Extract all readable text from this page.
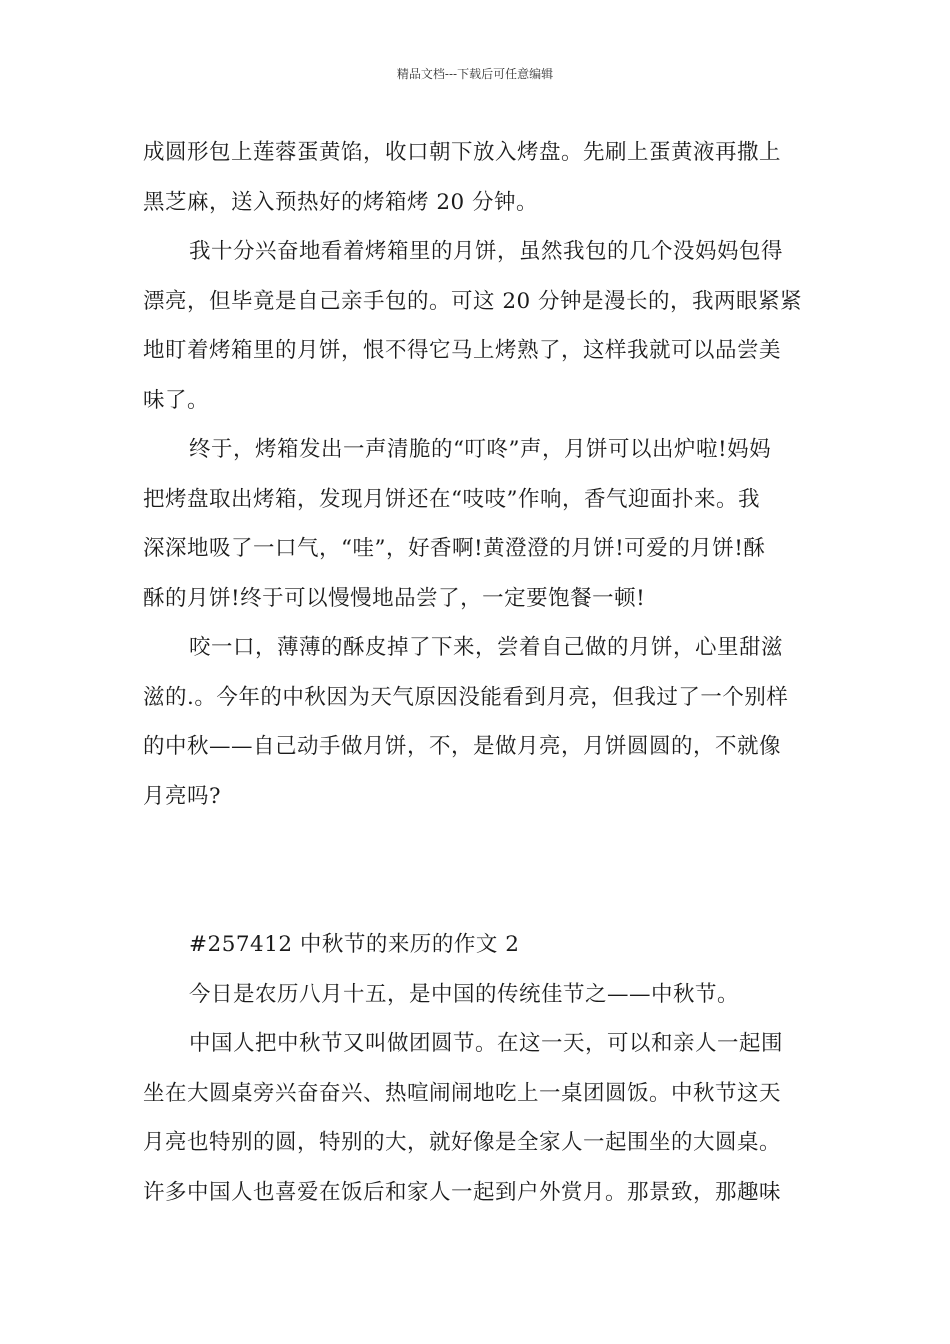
精品文档---下载后可任意编辑

成圆形包上莲蓉蛋黄馅，收口朝下放入烤盘。先刷上蛋黄液再撒上

黑芝麻，送入预热好的烤箱烤 20 分钟。

我十分兴奋地看着烤箱里的月饼，虽然我包的几个没妈妈包得

漂亮，但毕竟是自己亲手包的。可这 20 分钟是漫长的，我两眼紧紧

地盯着烤箱里的月饼，恨不得它马上烤熟了，这样我就可以品尝美

味了。

终于，烤箱发出一声清脆的“叮咚”声，月饼可以出炉啦!妈妈

把烤盘取出烤箱，发现月饼还在“吱吱”作响，香气迎面扑来。我

深深地吸了一口气，“哇”，好香啊!黄澄澄的月饼!可爱的月饼!酥

酥的月饼!终于可以慢慢地品尝了，一定要饱餐一顿!

咬一口，薄薄的酥皮掉了下来，尝着自己做的月饼，心里甜滋

滋的.。今年的中秋因为天气原因没能看到月亮，但我过了一个别样

的中秋——自己动手做月饼，不，是做月亮，月饼圆圆的，不就像

月亮吗?

#257412 中秋节的来历的作文 2

今日是农历八月十五，是中国的传统佳节之——中秋节。

中国人把中秋节又叫做团圆节。在这一天，可以和亲人一起围

坐在大圆桌旁兴奋奋兴、热喧闹闹地吃上一桌团圆饭。中秋节这天

月亮也特别的圆，特别的大，就好像是全家人一起围坐的大圆桌。

许多中国人也喜爱在饭后和家人一起到户外赏月。那景致，那趣味
